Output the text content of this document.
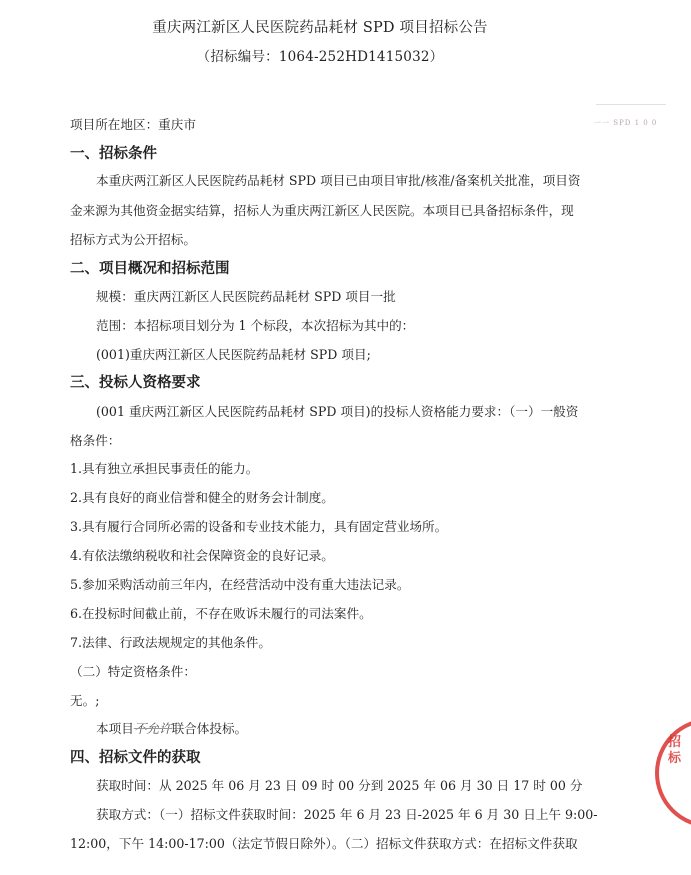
重庆两江新区人民医院药品耗材 SPD 项目招标公告
（招标编号：1064-252HD1415032）
一一 SPD 1 0 0
项目所在地区：重庆市
一、招标条件
本重庆两江新区人民医院药品耗材 SPD 项目已由项目审批/核准/备案机关批准，项目资
金来源为其他资金据实结算，招标人为重庆两江新区人民医院。本项目已具备招标条件，现
招标方式为公开招标。
二、项目概况和招标范围
规模：重庆两江新区人民医院药品耗材 SPD 项目一批
范围：本招标项目划分为 1 个标段，本次招标为其中的：
(001)重庆两江新区人民医院药品耗材 SPD 项目;
三、投标人资格要求
(001 重庆两江新区人民医院药品耗材 SPD 项目)的投标人资格能力要求：（一）一般资
格条件：
1.具有独立承担民事责任的能力。
2.具有良好的商业信誉和健全的财务会计制度。
3.具有履行合同所必需的设备和专业技术能力，具有固定营业场所。
4.有依法缴纳税收和社会保障资金的良好记录。
5.参加采购活动前三年内，在经营活动中没有重大违法记录。
6.在投标时间截止前，不存在败诉未履行的司法案件。
7.法律、行政法规规定的其他条件。
（二）特定资格条件：
无。;
本项目不允许联合体投标。
四、招标文件的获取
获取时间：从 2025 年 06 月 23 日 09 时 00 分到 2025 年 06 月 30 日 17 时 00 分
获取方式：（一）招标文件获取时间：2025 年 6 月 23 日-2025 年 6 月 30 日上午 9:00-
12:00，下午 14:00-17:00（法定节假日除外）。（二）招标文件获取方式：在招标文件获取
招标
